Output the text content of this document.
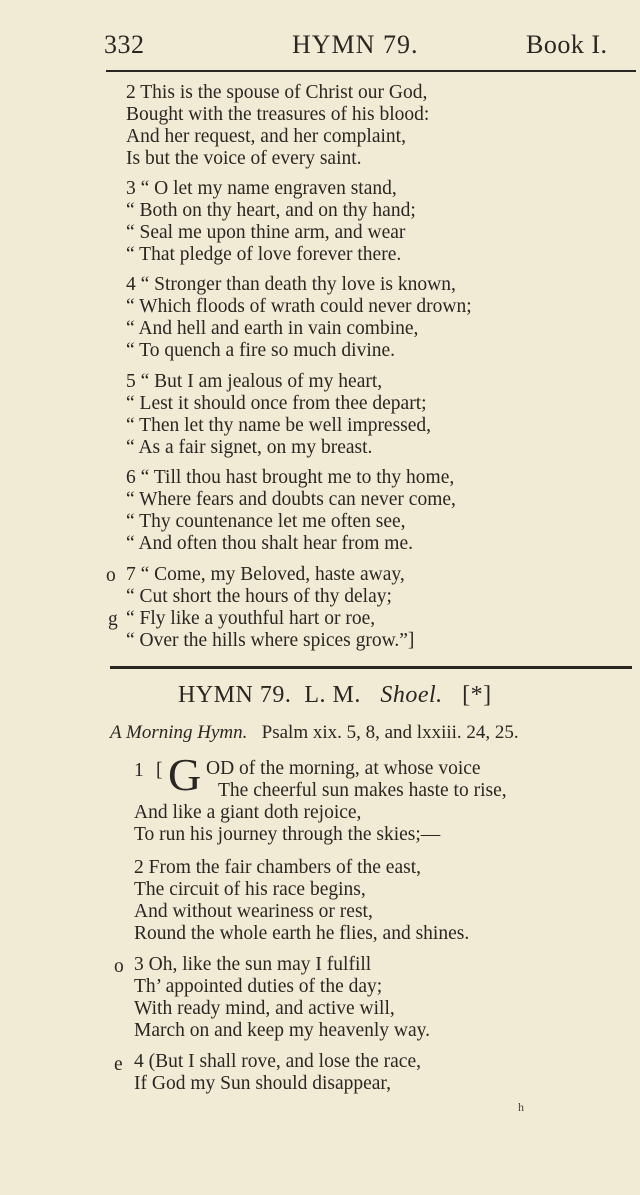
332	HYMN 79.	Book I.
2 This is the spouse of Christ our God,
Bought with the treasures of his blood:
And her request, and her complaint,
Is but the voice of every saint.
3 “ O let my name engraven stand,
“ Both on thy heart, and on thy hand;
“ Seal me upon thine arm, and wear
“ That pledge of love forever there.
4 “ Stronger than death thy love is known,
“ Which floods of wrath could never drown;
“ And hell and earth in vain combine,
“ To quench a fire so much divine.
5 “ But I am jealous of my heart,
“ Lest it should once from thee depart;
“ Then let thy name be well impressed,
“ As a fair signet, on my breast.
6 “ Till thou hast brought me to thy home,
“ Where fears and doubts can never come,
“ Thy countenance let me often see,
“ And often thou shalt hear from me.
o
g
7 “ Come, my Beloved, haste away,
“ Cut short the hours of thy delay;
“ Fly like a youthful hart or roe,
“ Over the hills where spices grow.”]
HYMN 79. L. M. Shoel. [*]
A Morning Hymn. Psalm xix. 5, 8, and lxxiii. 24, 25.
1 [ G OD of the morning, at whose voice
The cheerful sun makes haste to rise,
And like a giant doth rejoice,
To run his journey through the skies;—
2 From the fair chambers of the east,
The circuit of his race begins,
And without weariness or rest,
Round the whole earth he flies, and shines.
o 3 Oh, like the sun may I fulfill
Th’ appointed duties of the day;
With ready mind, and active will,
March on and keep my heavenly way.
e 4 (But I shall rove, and lose the race,
If God my Sun should disappear,
h
